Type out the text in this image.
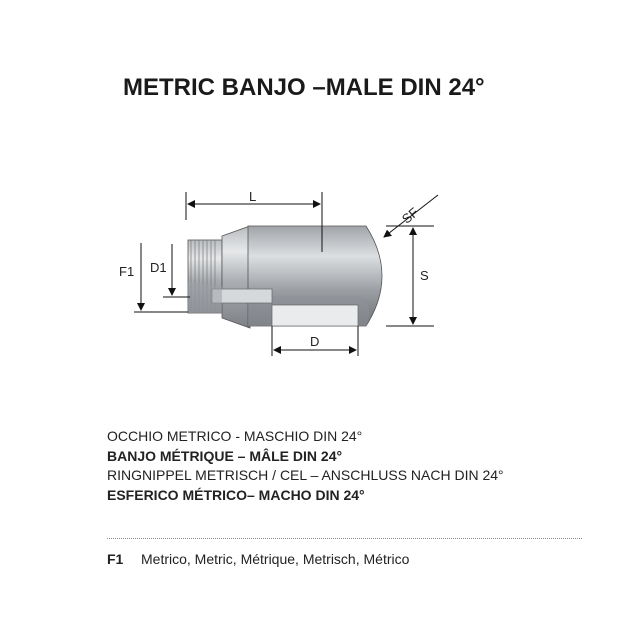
METRIC BANJO –MALE DIN 24°
L
SF
S
F1 D1
D
OCCHIO METRICO - MASCHIO DIN 24°
BANJO MÉTRIQUE – MÂLE DIN 24°
RINGNIPPEL METRISCH / CEL – ANSCHLUSS NACH DIN 24°
ESFERICO MÉTRICO– MACHO DIN 24°
F1 Metrico, Metric, Métrique, Metrisch, Métrico
